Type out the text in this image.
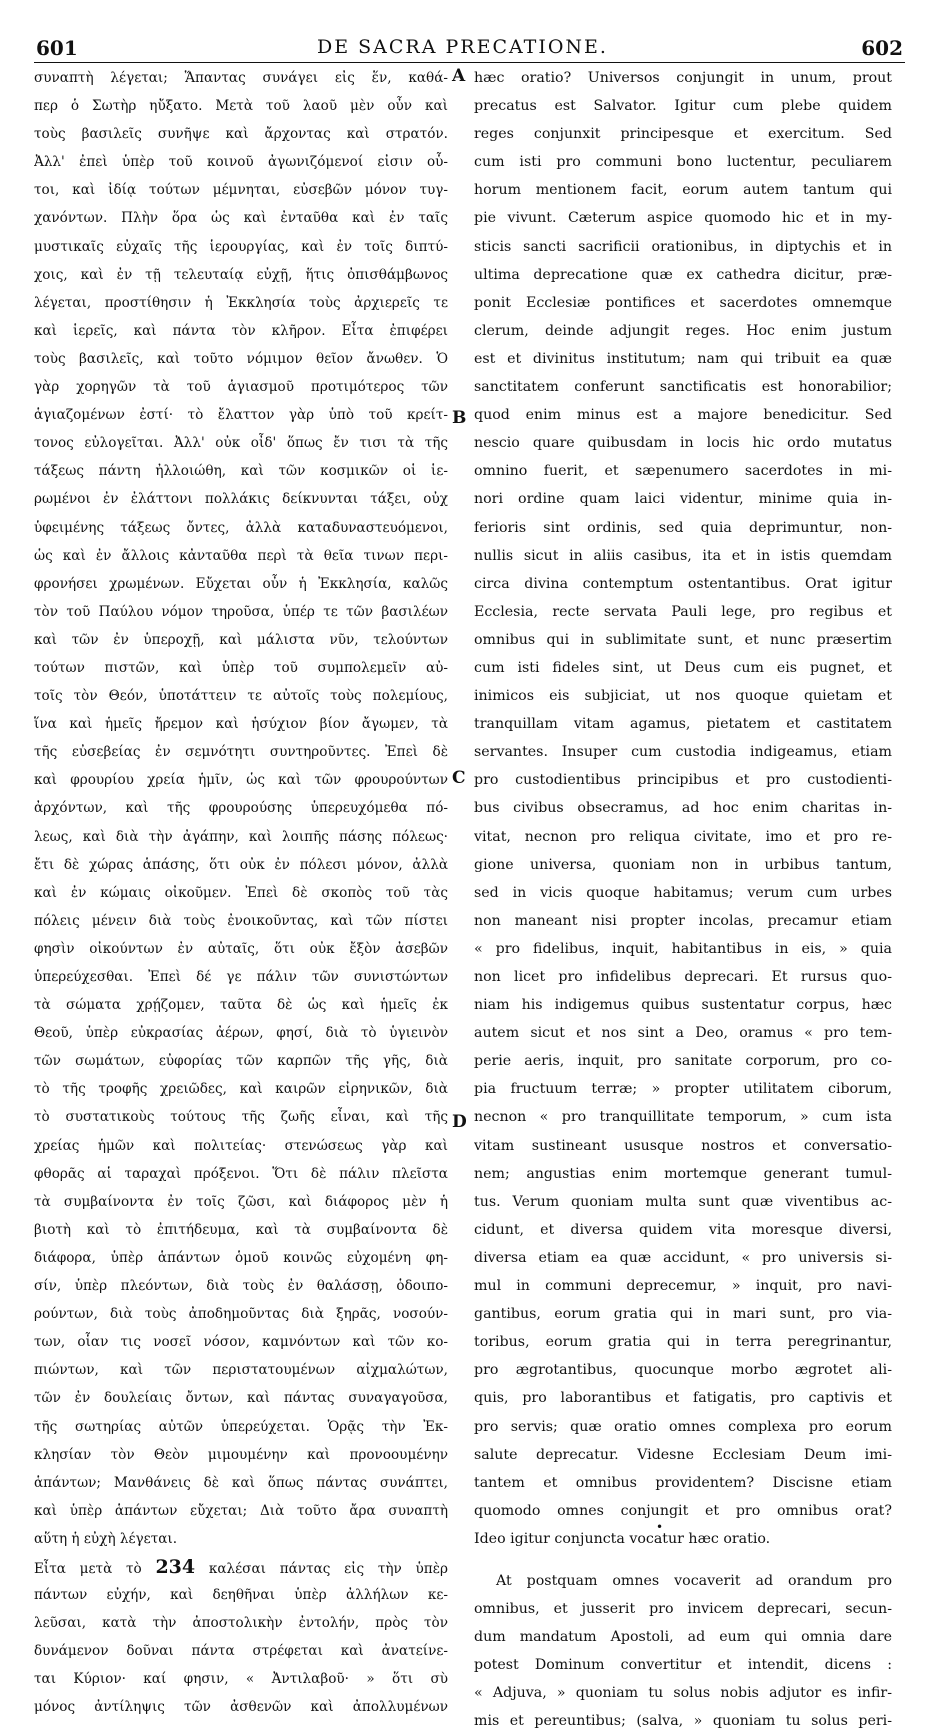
601	DE SACRA PRECATIONE.	602
A
B
C
D
συναπτὴ λέγεται; Ἅπαντας συνάγει εἰς ἕν, καθά-
περ ὁ Σωτὴρ ηὔξατο. Μετὰ τοῦ λαοῦ μὲν οὖν καὶ
τοὺς βασιλεῖς συνῆψε καὶ ἄρχοντας καὶ στρατόν.
Ἀλλ' ἐπεὶ ὑπὲρ τοῦ κοινοῦ ἀγωνιζόμενοί εἰσιν οὗ-
τοι, καὶ ἰδίᾳ τούτων μέμνηται, εὐσεβῶν μόνον τυγ-
χανόντων. Πλὴν ὅρα ὡς καὶ ἐνταῦθα καὶ ἐν ταῖς
μυστικαῖς εὐχαῖς τῆς ἱερουργίας, καὶ ἐν τοῖς διπτύ-
χοις, καὶ ἐν τῇ τελευταίᾳ εὐχῇ, ἥτις ὀπισθάμβωνος
λέγεται, προστίθησιν ἡ Ἐκκλησία τοὺς ἀρχιερεῖς τε
καὶ ἱερεῖς, καὶ πάντα τὸν κλῆρον. Εἶτα ἐπιφέρει
τοὺς βασιλεῖς, καὶ τοῦτο νόμιμον θεῖον ἄνωθεν. Ὁ
γὰρ χορηγῶν τὰ τοῦ ἁγιασμοῦ προτιμότερος τῶν
ἁγιαζομένων ἐστί· τὸ ἔλαττον γὰρ ὑπὸ τοῦ κρείτ-
τονος εὐλογεῖται. Ἀλλ' οὐκ οἶδ' ὅπως ἔν τισι τὰ τῆς
τάξεως πάντη ἠλλοιώθη, καὶ τῶν κοσμικῶν οἱ ἱε-
ρωμένοι ἐν ἐλάττονι πολλάκις δείκνυνται τάξει, οὐχ
ὑφειμένης τάξεως ὄντες, ἀλλὰ καταδυναστευόμενοι,
ὡς καὶ ἐν ἄλλοις κἀνταῦθα περὶ τὰ θεῖα τινων περι-
φρονήσει χρωμένων. Εὔχεται οὖν ἡ Ἐκκλησία, καλῶς
τὸν τοῦ Παύλου νόμον τηροῦσα, ὑπέρ τε τῶν βασιλέων
καὶ τῶν ἐν ὑπεροχῇ, καὶ μάλιστα νῦν, τελούντων
τούτων πιστῶν, καὶ ὑπὲρ τοῦ συμπολεμεῖν αὐ-
τοῖς τὸν Θεόν, ὑποτάττειν τε αὐτοῖς τοὺς πολεμίους,
ἵνα καὶ ἡμεῖς ἤρεμον καὶ ἡσύχιον βίον ἄγωμεν, τὰ
τῆς εὐσεβείας ἐν σεμνότητι συντηροῦντες. Ἐπεὶ δὲ
καὶ φρουρίου χρεία ἡμῖν, ὡς καὶ τῶν φρουρούντων
ἀρχόντων, καὶ τῆς φρουρούσης ὑπερευχόμεθα πό-
λεως, καὶ διὰ τὴν ἀγάπην, καὶ λοιπῆς πάσης πόλεως·
ἔτι δὲ χώρας ἁπάσης, ὅτι οὐκ ἐν πόλεσι μόνον, ἀλλὰ
καὶ ἐν κώμαις οἰκοῦμεν. Ἐπεὶ δὲ σκοπὸς τοῦ τὰς
πόλεις μένειν διὰ τοὺς ἐνοικοῦντας, καὶ τῶν πίστει
φησὶν οἰκούντων ἐν αὐταῖς, ὅτι οὐκ ἔξὸν ἀσεβῶν
ὑπερεύχεσθαι. Ἐπεὶ δέ γε πάλιν τῶν συνιστώντων
τὰ σώματα χρῄζομεν, ταῦτα δὲ ὡς καὶ ἡμεῖς ἐκ
Θεοῦ, ὑπὲρ εὐκρασίας ἀέρων, φησί, διὰ τὸ ὑγιεινὸν
τῶν σωμάτων, εὐφορίας τῶν καρπῶν τῆς γῆς, διὰ
τὸ τῆς τροφῆς χρειῶδες, καὶ καιρῶν εἰρηνικῶν, διὰ
τὸ συστατικοὺς τούτους τῆς ζωῆς εἶναι, καὶ τῆς
χρείας ἡμῶν καὶ πολιτείας· στενώσεως γὰρ καὶ
φθορᾶς αἱ ταραχαὶ πρόξενοι. Ὅτι δὲ πάλιν πλεῖστα
τὰ συμβαίνοντα ἐν τοῖς ζῶσι, καὶ διάφορος μὲν ἡ
βιοτὴ καὶ τὸ ἐπιτήδευμα, καὶ τὰ συμβαίνοντα δὲ
διάφορα, ὑπὲρ ἁπάντων ὁμοῦ κοινῶς εὐχομένη φη-
σίν, ὑπὲρ πλεόντων, διὰ τοὺς ἐν θαλάσσῃ, ὁδοιπο-
ρούντων, διὰ τοὺς ἀποδημοῦντας διὰ ξηρᾶς, νοσούν-
των, οἷαν τις νοσεῖ νόσον, καμνόντων καὶ τῶν κο-
πιώντων, καὶ τῶν περιστατουμένων αἰχμαλώτων,
τῶν ἐν δουλείαις ὄντων, καὶ πάντας συναγαγοῦσα,
τῆς σωτηρίας αὐτῶν ὑπερεύχεται. Ὁρᾷς τὴν Ἐκ-
κλησίαν τὸν Θεὸν μιμουμένην καὶ προνοουμένην
ἁπάντων; Μανθάνεις δὲ καὶ ὅπως πάντας συνάπτει,
καὶ ὑπὲρ ἁπάντων εὔχεται; Διὰ τοῦτο ἄρα συναπτὴ
αὕτη ἡ εὐχὴ λέγεται.
Εἶτα μετὰ τὸ 234 καλέσαι πάντας εἰς τὴν ὑπὲρ
πάντων εὐχήν, καὶ δεηθῆναι ὑπὲρ ἀλλήλων κε-
λεῦσαι, κατὰ τὴν ἀποστολικὴν ἐντολήν, πρὸς τὸν
δυνάμενον δοῦναι πάντα στρέφεται καὶ ἀνατείνε-
ται Κύριον· καί φησιν, « Ἀντιλαβοῦ· » ὅτι σὺ
μόνος ἀντίληψις τῶν ἀσθενῶν καὶ ἀπολλυμένων
hæc oratio? Universos conjungit in unum, prout
precatus est Salvator. Igitur cum plebe quidem
reges conjunxit principesque et exercitum. Sed
cum isti pro communi bono luctentur, peculiarem
horum mentionem facit, eorum autem tantum qui
pie vivunt. Cæterum aspice quomodo hic et in my-
sticis sancti sacrificii orationibus, in diptychis et in
ultima deprecatione quæ ex cathedra dicitur, præ-
ponit Ecclesiæ pontifices et sacerdotes omnemque
clerum, deinde adjungit reges. Hoc enim justum
est et divinitus institutum; nam qui tribuit ea quæ
sanctitatem conferunt sanctificatis est honorabilior;
quod enim minus est a majore benedicitur. Sed
nescio quare quibusdam in locis hic ordo mutatus
omnino fuerit, et sæpenumero sacerdotes in mi-
nori ordine quam laici videntur, minime quia in-
ferioris sint ordinis, sed quia deprimuntur, non-
nullis sicut in aliis casibus, ita et in istis quemdam
circa divina contemptum ostentantibus. Orat igitur
Ecclesia, recte servata Pauli lege, pro regibus et
omnibus qui in sublimitate sunt, et nunc præsertim
cum isti fideles sint, ut Deus cum eis pugnet, et
inimicos eis subjiciat, ut nos quoque quietam et
tranquillam vitam agamus, pietatem et castitatem
servantes. Insuper cum custodia indigeamus, etiam
pro custodientibus principibus et pro custodienti-
bus civibus obsecramus, ad hoc enim charitas in-
vitat, necnon pro reliqua civitate, imo et pro re-
gione universa, quoniam non in urbibus tantum,
sed in vicis quoque habitamus; verum cum urbes
non maneant nisi propter incolas, precamur etiam
« pro fidelibus, inquit, habitantibus in eis, » quia
non licet pro infidelibus deprecari. Et rursus quo-
niam his indigemus quibus sustentatur corpus, hæc
autem sicut et nos sint a Deo, oramus « pro tem-
perie aeris, inquit, pro sanitate corporum, pro co-
pia fructuum terræ; » propter utilitatem ciborum,
necnon « pro tranquillitate temporum, » cum ista
vitam sustineant ususque nostros et conversatio-
nem; angustias enim mortemque generant tumul-
tus. Verum quoniam multa sunt quæ viventibus ac-
cidunt, et diversa quidem vita moresque diversi,
diversa etiam ea quæ accidunt, « pro universis si-
mul in communi deprecemur, » inquit, pro navi-
gantibus, eorum gratia qui in mari sunt, pro via-
toribus, eorum gratia qui in terra peregrinantur,
pro ægrotantibus, quocunque morbo ægrotet ali-
quis, pro laborantibus et fatigatis, pro captivis et
pro servis; quæ oratio omnes complexa pro eorum
salute deprecatur. Videsne Ecclesiam Deum imi-
tantem et omnibus providentem? Discisne etiam
quomodo omnes conjungit et pro omnibus orat?
Ideo igitur conjuncta vocatur hæc oratio.
At postquam omnes vocaverit ad orandum pro
omnibus, et jusserit pro invicem deprecari, secun-
dum mandatum Apostoli, ad eum qui omnia dare
potest Dominum convertitur et intendit, dicens :
« Adjuva, » quoniam tu solus nobis adjutor es infir-
mis et pereuntibus; (salva, » quoniam tu solus peri-
•
